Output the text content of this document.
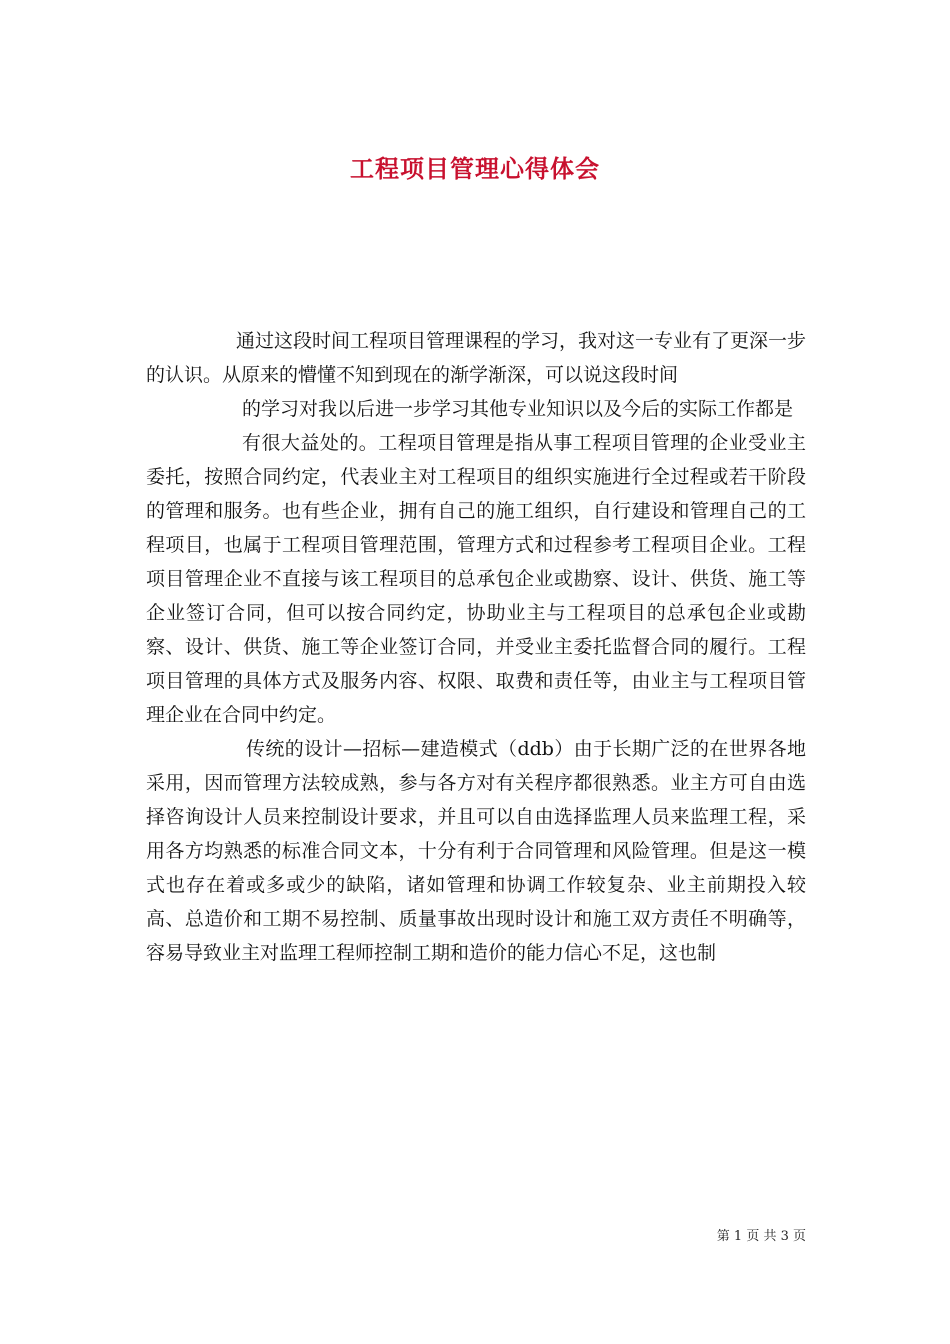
工程项目管理心得体会

通过这段时间工程项目管理课程的学习，我对这一专业有了更深一步的认识。从原来的懵懂不知到现在的渐学渐深，可以说这段时间

的学习对我以后进一步学习其他专业知识以及今后的实际工作都是

有很大益处的。工程项目管理是指从事工程项目管理的企业受业主委托，按照合同约定，代表业主对工程项目的组织实施进行全过程或若干阶段的管理和服务。也有些企业，拥有自己的施工组织，自行建设和管理自己的工程项目，也属于工程项目管理范围，管理方式和过程参考工程项目企业。工程项目管理企业不直接与该工程项目的总承包企业或勘察、设计、供货、施工等企业签订合同，但可以按合同约定，协助业主与工程项目的总承包企业或勘察、设计、供货、施工等企业签订合同，并受业主委托监督合同的履行。工程项目管理的具体方式及服务内容、权限、取费和责任等，由业主与工程项目管理企业在合同中约定。

传统的设计—招标—建造模式（ddb）由于长期广泛的在世界各地采用，因而管理方法较成熟，参与各方对有关程序都很熟悉。业主方可自由选择咨询设计人员来控制设计要求，并且可以自由选择监理人员来监理工程，采用各方均熟悉的标准合同文本，十分有利于合同管理和风险管理。但是这一模式也存在着或多或少的缺陷，诸如管理和协调工作较复杂、业主前期投入较高、总造价和工期不易控制、质量事故出现时设计和施工双方责任不明确等，容易导致业主对监理工程师控制工期和造价的能力信心不足，这也制

第 1 页 共 3 页
